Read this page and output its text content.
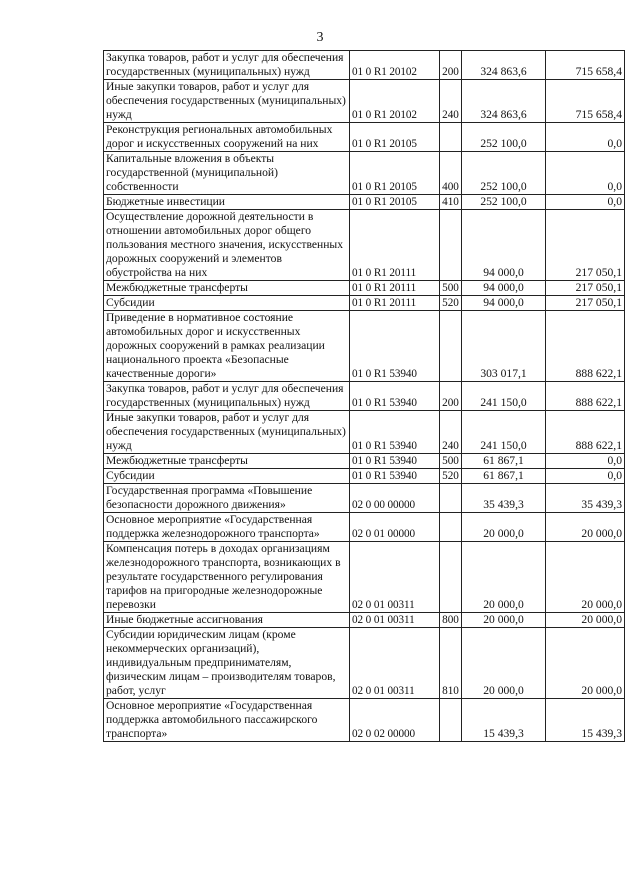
3
Закупка товаров, работ и услуг для обеспечения государственных (муниципальных) нужд	01 0 R1 20102	200	324 863,6	715 658,4
Иные закупки товаров, работ и услуг для обеспечения государственных (муниципальных) нужд	01 0 R1 20102	240	324 863,6	715 658,4
Реконструкция региональных автомобильных дорог и искусственных сооружений на них	01 0 R1 20105		252 100,0	0,0
Капитальные вложения в объекты государственной (муниципальной) собственности	01 0 R1 20105	400	252 100,0	0,0
Бюджетные инвестиции	01 0 R1 20105	410	252 100,0	0,0
Осуществление дорожной деятельности в отношении автомобильных дорог общего пользования местного значения, искусственных дорожных сооружений и элементов обустройства на них	01 0 R1 20111		94 000,0	217 050,1
Межбюджетные трансферты	01 0 R1 20111	500	94 000,0	217 050,1
Субсидии	01 0 R1 20111	520	94 000,0	217 050,1
Приведение в нормативное состояние автомобильных дорог и искусственных дорожных сооружений в рамках реализации национального проекта «Безопасные качественные дороги»	01 0 R1 53940		303 017,1	888 622,1
Закупка товаров, работ и услуг для обеспечения государственных (муниципальных) нужд	01 0 R1 53940	200	241 150,0	888 622,1
Иные закупки товаров, работ и услуг для обеспечения государственных (муниципальных) нужд	01 0 R1 53940	240	241 150,0	888 622,1
Межбюджетные трансферты	01 0 R1 53940	500	61 867,1	0,0
Субсидии	01 0 R1 53940	520	61 867,1	0,0
Государственная программа «Повышение безопасности дорожного движения»	02 0 00 00000		35 439,3	35 439,3
Основное мероприятие «Государственная поддержка железнодорожного транспорта»	02 0 01 00000		20 000,0	20 000,0
Компенсация потерь в доходах организациям железнодорожного транспорта, возникающих в результате государственного регулирования тарифов на пригородные железнодорожные перевозки	02 0 01 00311		20 000,0	20 000,0
Иные бюджетные ассигнования	02 0 01 00311	800	20 000,0	20 000,0
Субсидии юридическим лицам (кроме некоммерческих организаций), индивидуальным предпринимателям, физическим лицам – производителям товаров, работ, услуг	02 0 01 00311	810	20 000,0	20 000,0
Основное мероприятие «Государственная поддержка автомобильного пассажирского транспорта»	02 0 02 00000		15 439,3	15 439,3
